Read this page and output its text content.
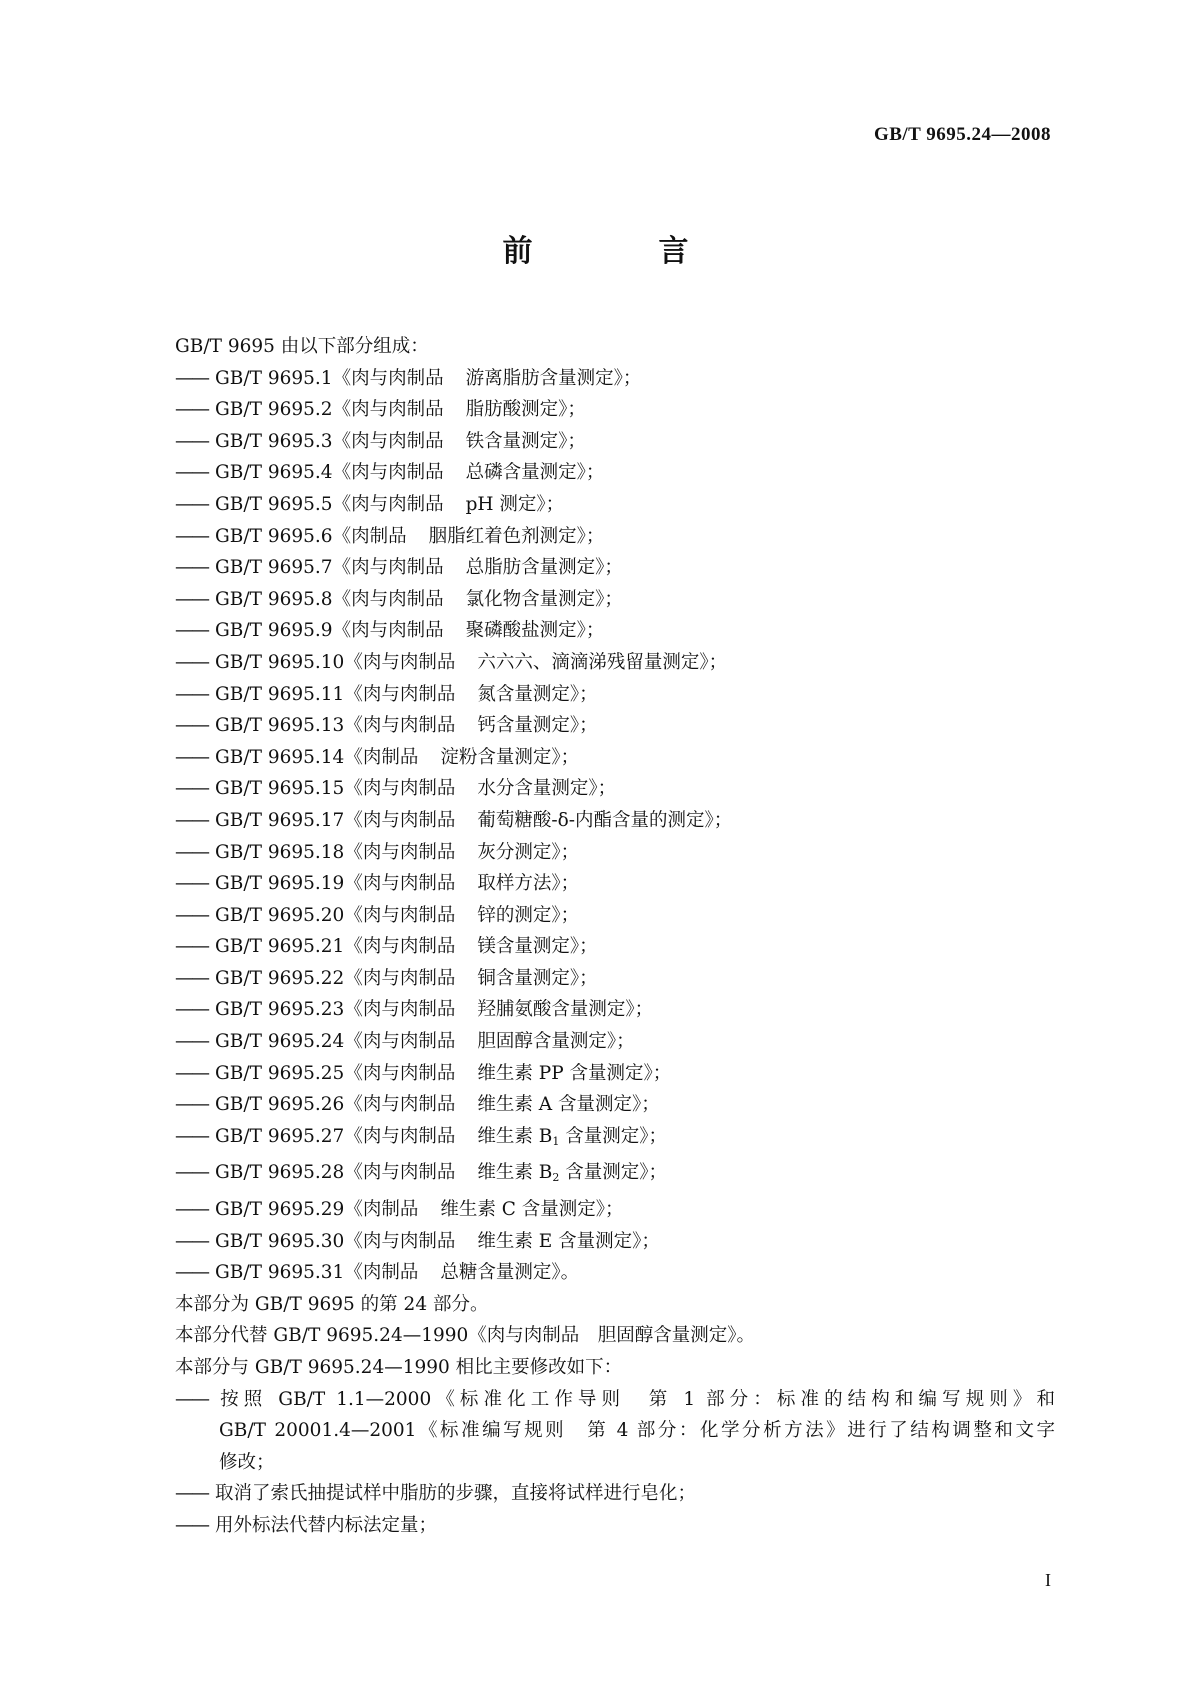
GB/T 9695.24—2008

前　言
GB/T 9695 由以下部分组成：
—— GB/T 9695.1《肉与肉制品 游离脂肪含量测定》；
—— GB/T 9695.2《肉与肉制品 脂肪酸测定》；
—— GB/T 9695.3《肉与肉制品 铁含量测定》；
—— GB/T 9695.4《肉与肉制品 总磷含量测定》；
—— GB/T 9695.5《肉与肉制品 pH 测定》；
—— GB/T 9695.6《肉制品 胭脂红着色剂测定》；
—— GB/T 9695.7《肉与肉制品 总脂肪含量测定》；
—— GB/T 9695.8《肉与肉制品 氯化物含量测定》；
—— GB/T 9695.9《肉与肉制品 聚磷酸盐测定》；
—— GB/T 9695.10《肉与肉制品 六六六、滴滴涕残留量测定》；
—— GB/T 9695.11《肉与肉制品 氮含量测定》；
—— GB/T 9695.13《肉与肉制品 钙含量测定》；
—— GB/T 9695.14《肉制品 淀粉含量测定》；
—— GB/T 9695.15《肉与肉制品 水分含量测定》；
—— GB/T 9695.17《肉与肉制品 葡萄糖酸-δ-内酯含量的测定》；
—— GB/T 9695.18《肉与肉制品 灰分测定》；
—— GB/T 9695.19《肉与肉制品 取样方法》；
—— GB/T 9695.20《肉与肉制品 锌的测定》；
—— GB/T 9695.21《肉与肉制品 镁含量测定》；
—— GB/T 9695.22《肉与肉制品 铜含量测定》；
—— GB/T 9695.23《肉与肉制品 羟脯氨酸含量测定》；
—— GB/T 9695.24《肉与肉制品 胆固醇含量测定》；
—— GB/T 9695.25《肉与肉制品 维生素 PP 含量测定》；
—— GB/T 9695.26《肉与肉制品 维生素 A 含量测定》；
—— GB/T 9695.27《肉与肉制品 维生素 $B_1$ 含量测定》；
—— GB/T 9695.28《肉与肉制品 维生素 $B_2$ 含量测定》；
—— GB/T 9695.29《肉制品 维生素 C 含量测定》；
—— GB/T 9695.30《肉与肉制品 维生素 E 含量测定》；
—— GB/T 9695.31《肉制品 总糖含量测定》。
本部分为 GB/T 9695 的第 24 部分。
本部分代替 GB/T 9695.24—1990《肉与肉制品　胆固醇含量测定》。
本部分与 GB/T 9695.24—1990 相比主要修改如下：
—— 按照 GB/T 1.1—2000《标准化工作导则　第 1 部分：标准的结构和编写规则》和
GB/T 20001.4—2001《标准编写规则　第 4 部分：化学分析方法》进行了结构调整和文字
修改；
—— 取消了索氏抽提试样中脂肪的步骤，直接将试样进行皂化；
—— 用外标法代替内标法定量；

I
